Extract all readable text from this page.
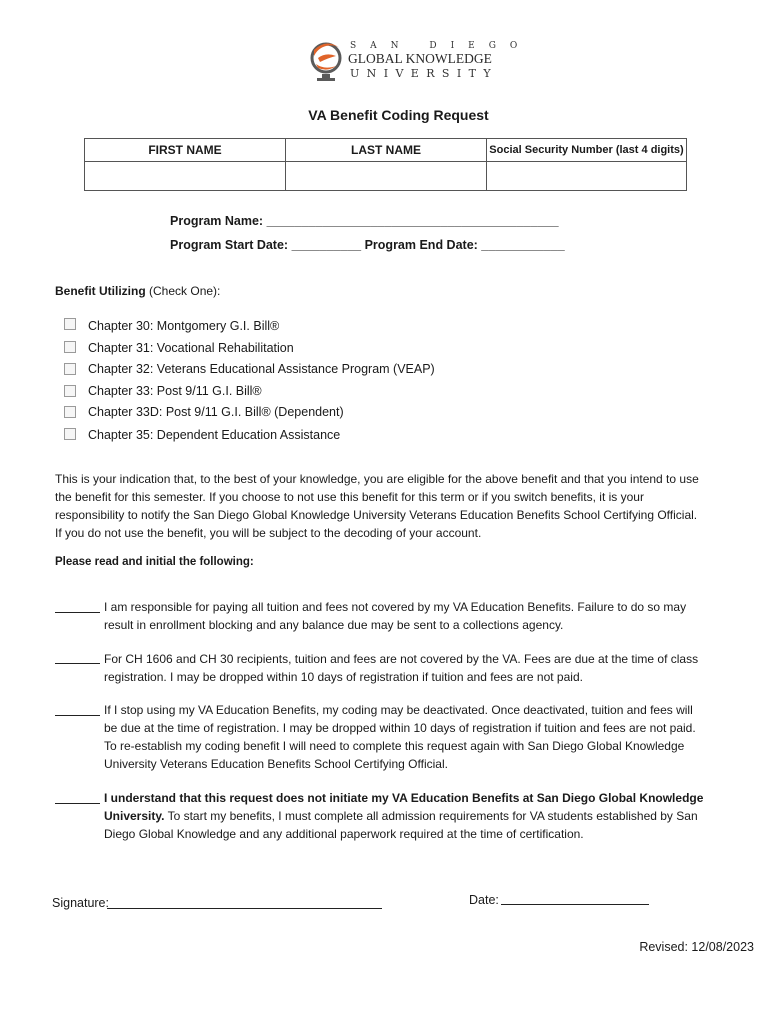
SAN DIEGO
GLOBAL KNOWLEDGE
UNIVERSITY
VA Benefit Coding Request
FIRST NAME	LAST NAME	Social Security Number (last 4 digits)

Program Name: __________________________________________
Program Start Date: __________ Program End Date: ____________
Benefit Utilizing (Check One):
Chapter 30: Montgomery G.I. Bill®
Chapter 31: Vocational Rehabilitation
Chapter 32: Veterans Educational Assistance Program (VEAP)
Chapter 33: Post 9/11 G.I. Bill®
Chapter 33D: Post 9/11 G.I. Bill® (Dependent)
Chapter 35: Dependent Education Assistance
This is your indication that, to the best of your knowledge, you are eligible for the above benefit and that you intend to use the benefit for this semester. If you choose to not use this benefit for this term or if you switch benefits, it is your responsibility to notify the San Diego Global Knowledge University Veterans Education Benefits School Certifying Official. If you do not use the benefit, you will be subject to the decoding of your account.
Please read and initial the following:
I am responsible for paying all tuition and fees not covered by my VA Education Benefits. Failure to do so may result in enrollment blocking and any balance due may be sent to a collections agency.
For CH 1606 and CH 30 recipients, tuition and fees are not covered by the VA. Fees are due at the time of class registration. I may be dropped within 10 days of registration if tuition and fees are not paid.
If I stop using my VA Education Benefits, my coding may be deactivated. Once deactivated, tuition and fees will be due at the time of registration. I may be dropped within 10 days of registration if tuition and fees are not paid. To re-establish my coding benefit I will need to complete this request again with San Diego Global Knowledge University Veterans Education Benefits School Certifying Official.
I understand that this request does not initiate my VA Education Benefits at San Diego Global Knowledge University. To start my benefits, I must complete all admission requirements for VA students established by San Diego Global Knowledge and any additional paperwork required at the time of certification.
Signature:	Date:
Revised: 12/08/2023
